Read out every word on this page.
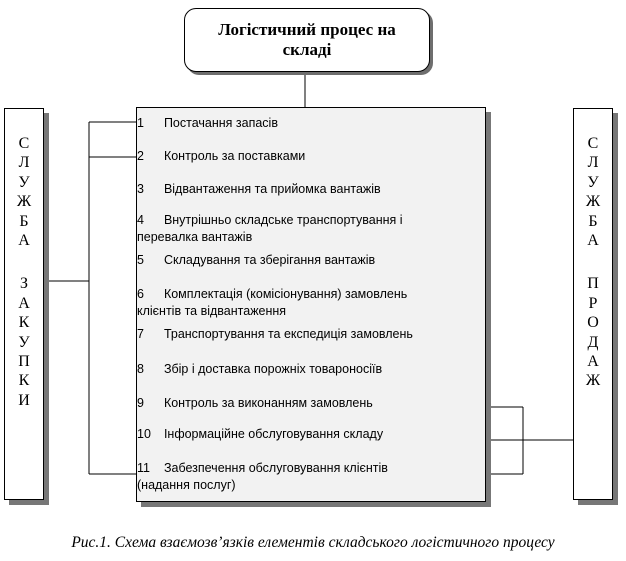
Логістичний процес на складі
С
Л
У
Ж
Б
А
З
А
К
У
П
К
И
С
Л
У
Ж
Б
А
П
Р
О
Д
А
Ж
1  Постачання запасів
2  Контроль за поставками
3  Відвантаження та прийомка вантажів
4  Внутрішньо складське транспортування і
перевалка вантажів
5  Складування та зберігання вантажів
6  Комплектація (комісіонування) замовлень
клієнтів та відвантаження
7  Транспортування та експедиція замовлень
8  Збір і доставка порожніх товароносіїв
9  Контроль за виконанням замовлень
10  Інформаційне обслуговування складу
11  Забезпечення обслуговування клієнтів
(надання послуг)
Рис.1. Схема взаємозв’язків елементів складського логістичного процесу
